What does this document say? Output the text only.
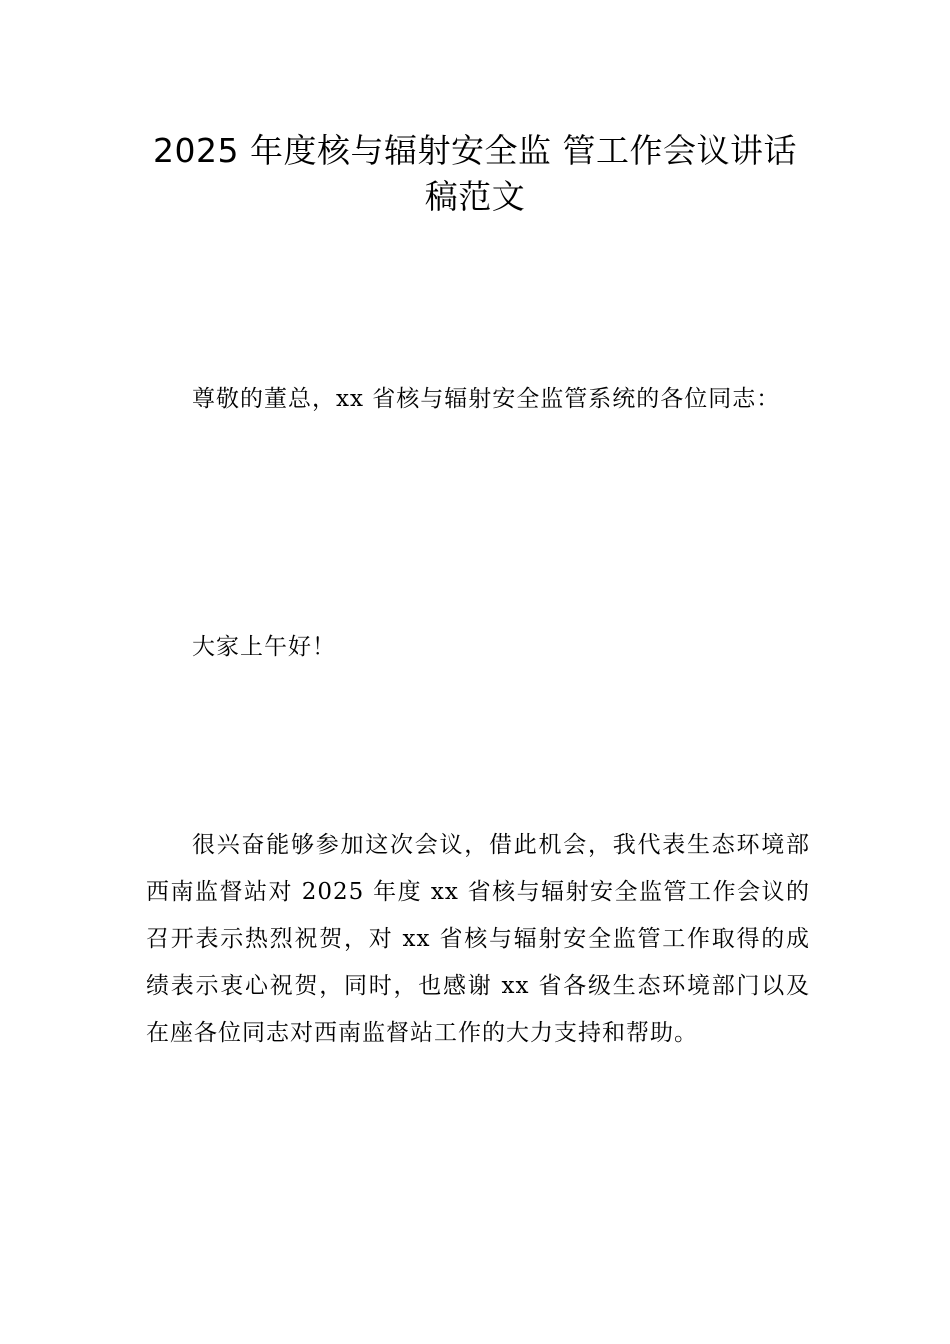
2025 年度核与辐射安全监 管工作会议讲话
稿范文

尊敬的董总，xx 省核与辐射安全监管系统的各位同志：

大家上午好！

很兴奋能够参加这次会议，借此机会，我代表生态环境部西南监督站对 2025 年度 xx 省核与辐射安全监管工作会议的召开表示热烈祝贺，对 xx 省核与辐射安全监管工作取得的成绩表示衷心祝贺，同时，也感谢 xx 省各级生态环境部门以及在座各位同志对西南监督站工作的大力支持和帮助。
